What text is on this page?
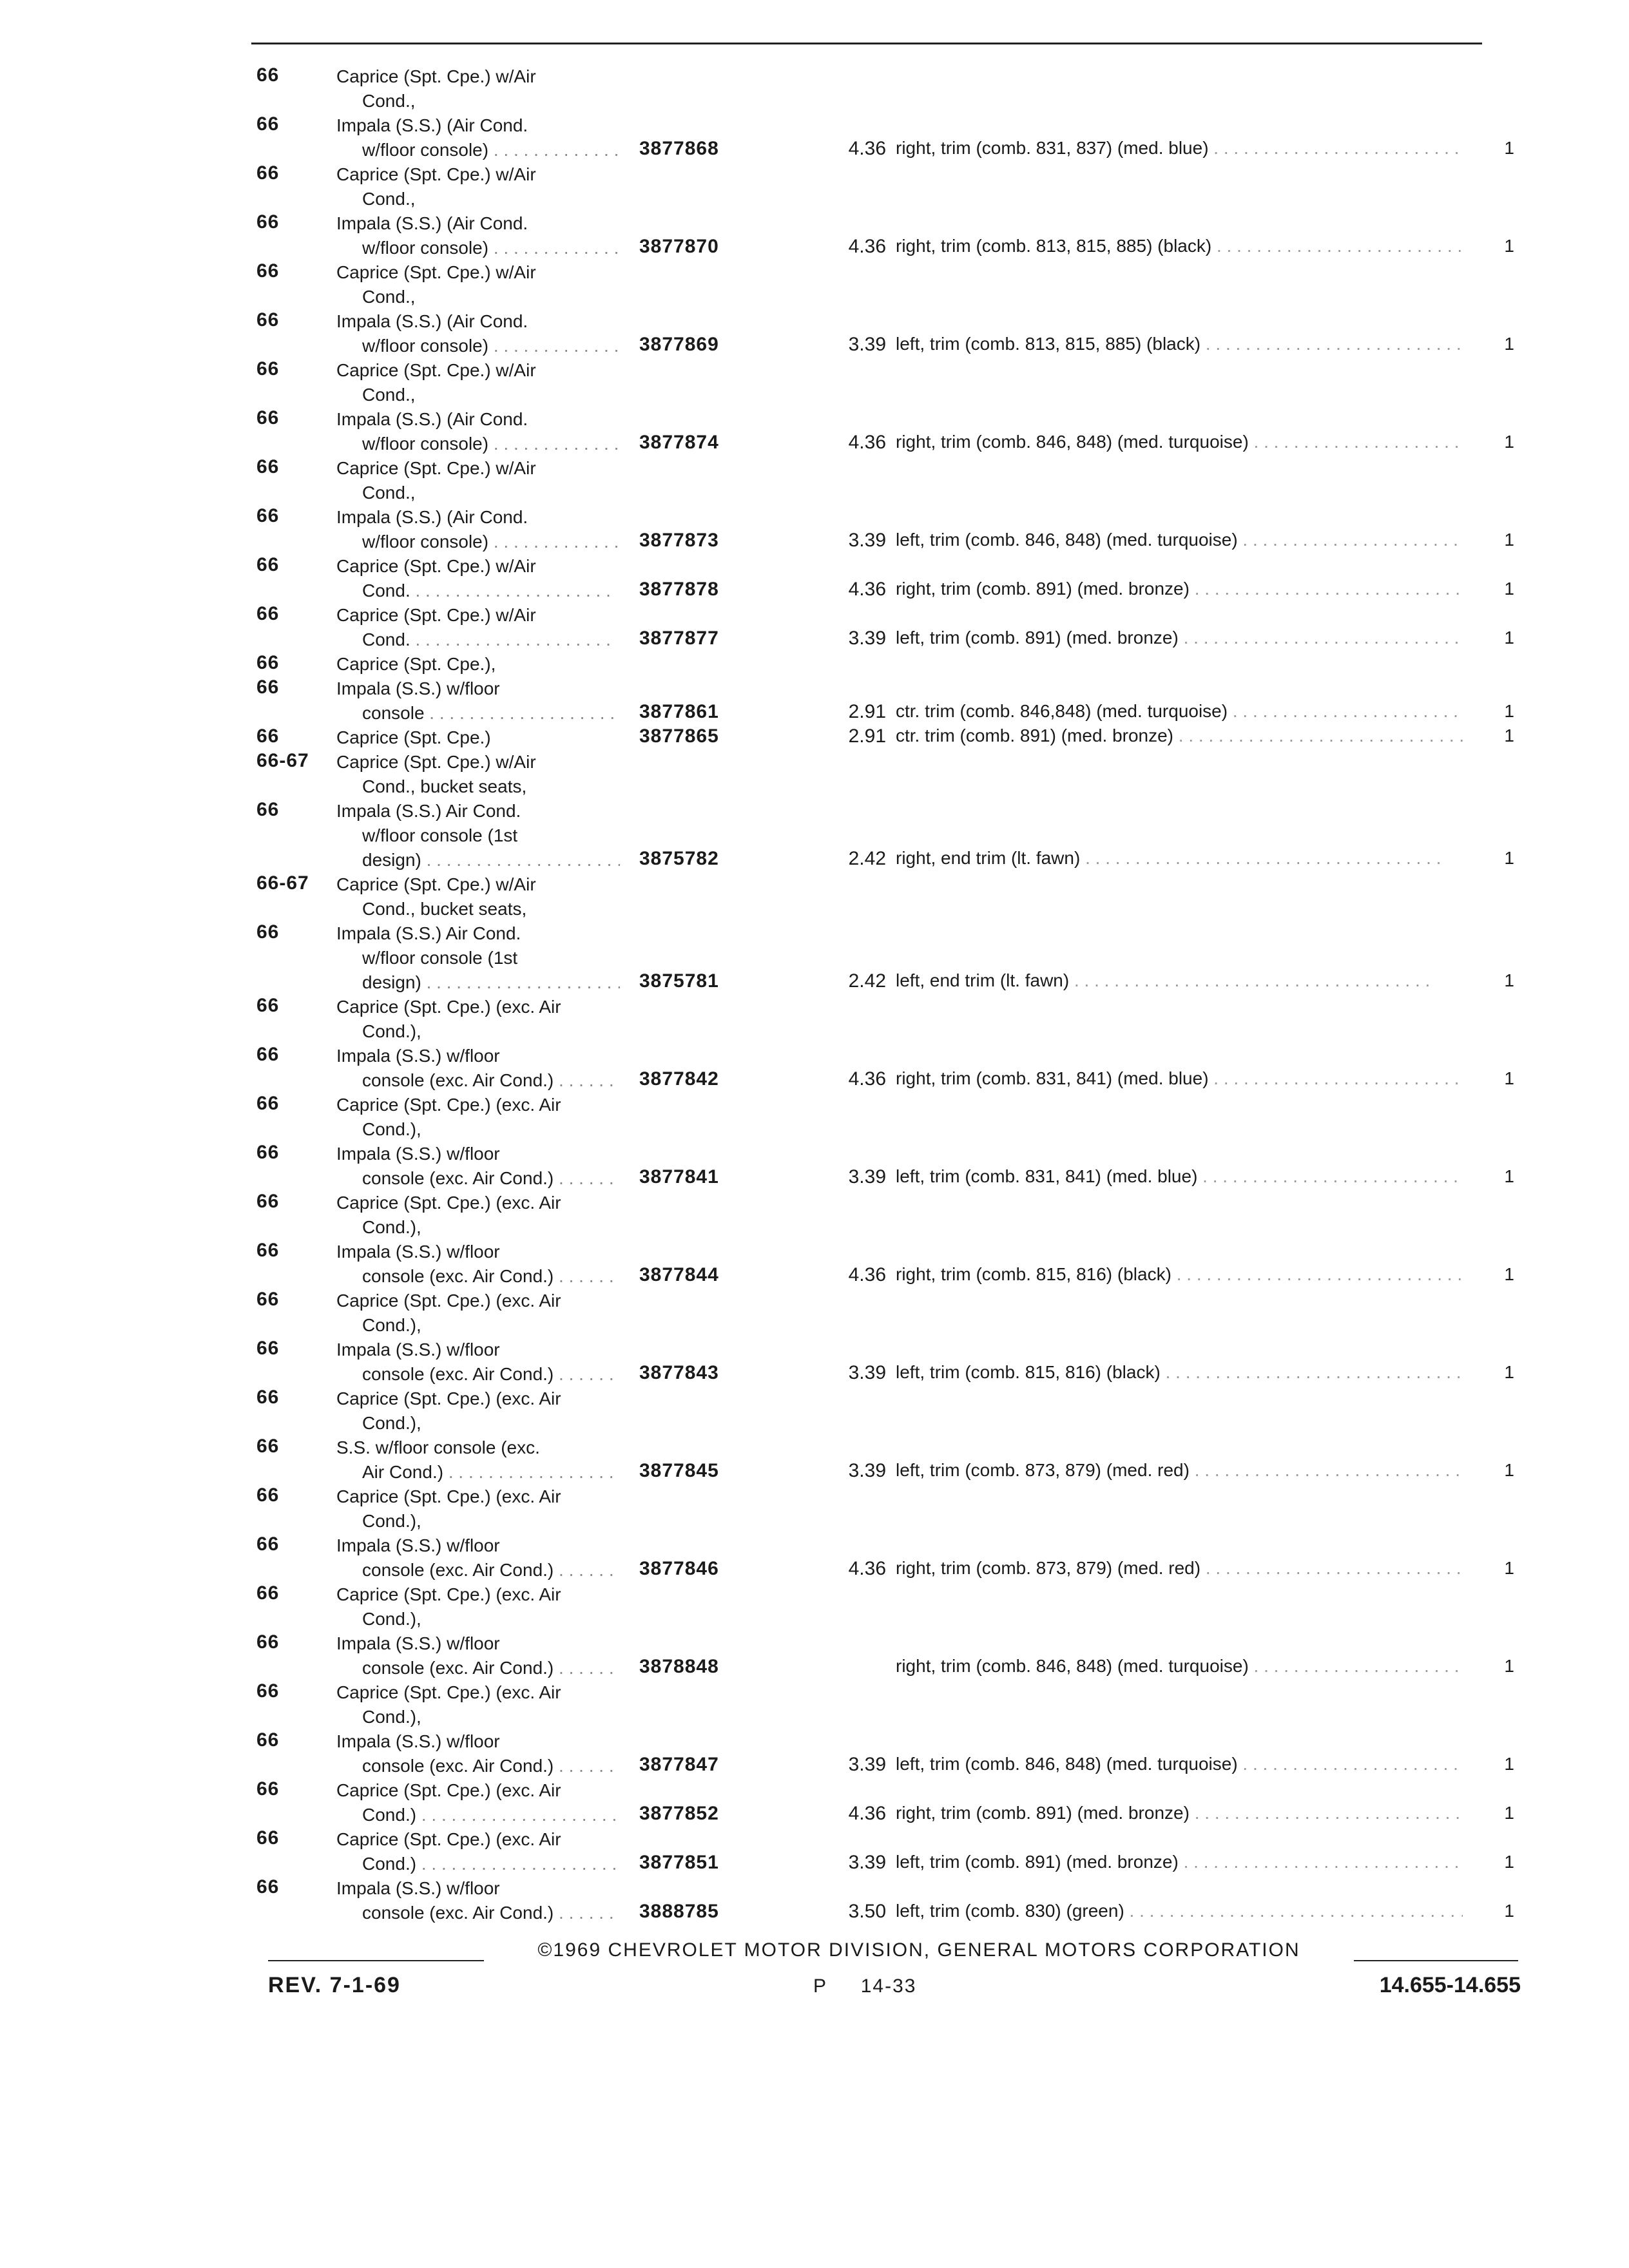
66	Caprice (Spt. Cpe.) w/Air
Cond.,
66	Impala (S.S.) (Air Cond.
w/floor console) . . .	3877868	4.36 right, trim (comb. 831, 837) (med. blue) . . .	1
66	Caprice (Spt. Cpe.) w/Air
Cond.,
66	Impala (S.S.) (Air Cond.
w/floor console) . . .	3877870	4.36 right, trim (comb. 813, 815, 885) (black) . . .	1
66	Caprice (Spt. Cpe.) w/Air
Cond.,
66	Impala (S.S.) (Air Cond.
w/floor console) . . .	3877869	3.39 left, trim (comb. 813, 815, 885) (black) . . .	1
66	Caprice (Spt. Cpe.) w/Air
Cond.,
66	Impala (S.S.) (Air Cond.
w/floor console) . . .	3877874	4.36 right, trim (comb. 846, 848) (med. turquoise) . . .	1
66	Caprice (Spt. Cpe.) w/Air
Cond.,
66	Impala (S.S.) (Air Cond.
w/floor console) . . .	3877873	3.39 left, trim (comb. 846, 848) (med. turquoise) . . .	1
66	Caprice (Spt. Cpe.) w/Air
Cond. . . .	3877878	4.36 right, trim (comb. 891) (med. bronze) . . .	1
66	Caprice (Spt. Cpe.) w/Air
Cond. . . .	3877877	3.39 left, trim (comb. 891) (med. bronze) . . .	1
66	Caprice (Spt. Cpe.),
66	Impala (S.S.) w/floor
console . . .	3877861	2.91 ctr. trim (comb. 846,848) (med. turquoise) . . .	1
66	Caprice (Spt. Cpe.)	3877865	2.91 ctr. trim (comb. 891) (med. bronze) . . .	1
66-67 Caprice (Spt. Cpe.) w/Air
Cond., bucket seats,
66	Impala (S.S.) Air Cond.
w/floor console (1st
design) . . .	3875782	2.42 right, end trim (lt. fawn) . . .	1
66-67 Caprice (Spt. Cpe.) w/Air
Cond., bucket seats,
66	Impala (S.S.) Air Cond.
w/floor console (1st
design) . . .	3875781	2.42 left, end trim (lt. fawn) . . .	1
66	Caprice (Spt. Cpe.) (exc. Air
Cond.),
66	Impala (S.S.) w/floor
console (exc. Air Cond.) . . .	3877842	4.36 right, trim (comb. 831, 841) (med. blue) . . .	1
66	Caprice (Spt. Cpe.) (exc. Air
Cond.),
66	Impala (S.S.) w/floor
console (exc. Air Cond.) . . .	3877841	3.39 left, trim (comb. 831, 841) (med. blue) . . .	1
66	Caprice (Spt. Cpe.) (exc. Air
Cond.),
66	Impala (S.S.) w/floor
console (exc. Air Cond.) . . .	3877844	4.36 right, trim (comb. 815, 816) (black) . . .	1
66	Caprice (Spt. Cpe.) (exc. Air
Cond.),
66	Impala (S.S.) w/floor
console (exc. Air Cond.) . . .	3877843	3.39 left, trim (comb. 815, 816) (black) . . .	1
66	Caprice (Spt. Cpe.) (exc. Air
Cond.),
66	S.S. w/floor console (exc.
Air Cond.) . . .	3877845	3.39 left, trim (comb. 873, 879) (med. red) . . .	1
66	Caprice (Spt. Cpe.) (exc. Air
Cond.),
66	Impala (S.S.) w/floor
console (exc. Air Cond.) . . .	3877846	4.36 right, trim (comb. 873, 879) (med. red) . . .	1
66	Caprice (Spt. Cpe.) (exc. Air
Cond.),
66	Impala (S.S.) w/floor
console (exc. Air Cond.) . . .	3878848	right, trim (comb. 846, 848) (med. turquoise) . . .	1
66	Caprice (Spt. Cpe.) (exc. Air
Cond.),
66	Impala (S.S.) w/floor
console (exc. Air Cond.) . . .	3877847	3.39 left, trim (comb. 846, 848) (med. turquoise) . . .	1
66	Caprice (Spt. Cpe.) (exc. Air
Cond.) . . .	3877852	4.36 right, trim (comb. 891) (med. bronze) . . .	1
66	Caprice (Spt. Cpe.) (exc. Air
Cond.) . . .	3877851	3.39 left, trim (comb. 891) (med. bronze) . . .	1
66	Impala (S.S.) w/floor
console (exc. Air Cond.) . . .	3888785	3.50 left, trim (comb. 830) (green) . . .	1
©1969 CHEVROLET MOTOR DIVISION, GENERAL MOTORS CORPORATION
REV. 7-1-69	P 14-33	14.655-14.655
